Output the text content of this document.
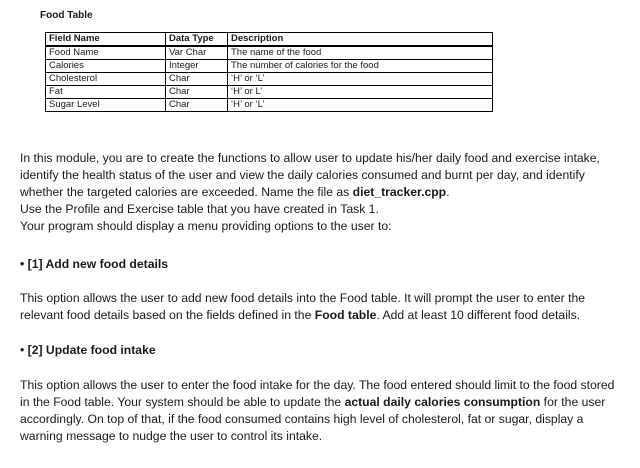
Food Table
Field Name	Data Type	Description
Food Name	Var Char	The name of the food
Calories	Integer	The number of calories for the food
Cholesterol	Char	‘H’ or ‘L’
Fat	Char	‘H’ or L’
Sugar Level	Char	‘H’ or ‘L’

In this module, you are to create the functions to allow user to update his/her daily food and exercise intake, identify the health status of the user and view the daily calories consumed and burnt per day, and identify whether the targeted calories are exceeded. Name the file as diet_tracker.cpp.

Use the Profile and Exercise table that you have created in Task 1.

Your program should display a menu providing options to the user to:

• [1] Add new food details
This option allows the user to add new food details into the Food table. It will prompt the user to enter the relevant food details based on the fields defined in the Food table. Add at least 10 different food details.
• [2] Update food intake
This option allows the user to enter the food intake for the day. The food entered should limit to the food stored in the Food table. Your system should be able to update the actual daily calories consumption for the user accordingly. On top of that, if the food consumed contains high level of cholesterol, fat or sugar, display a warning message to nudge the user to control its intake.
